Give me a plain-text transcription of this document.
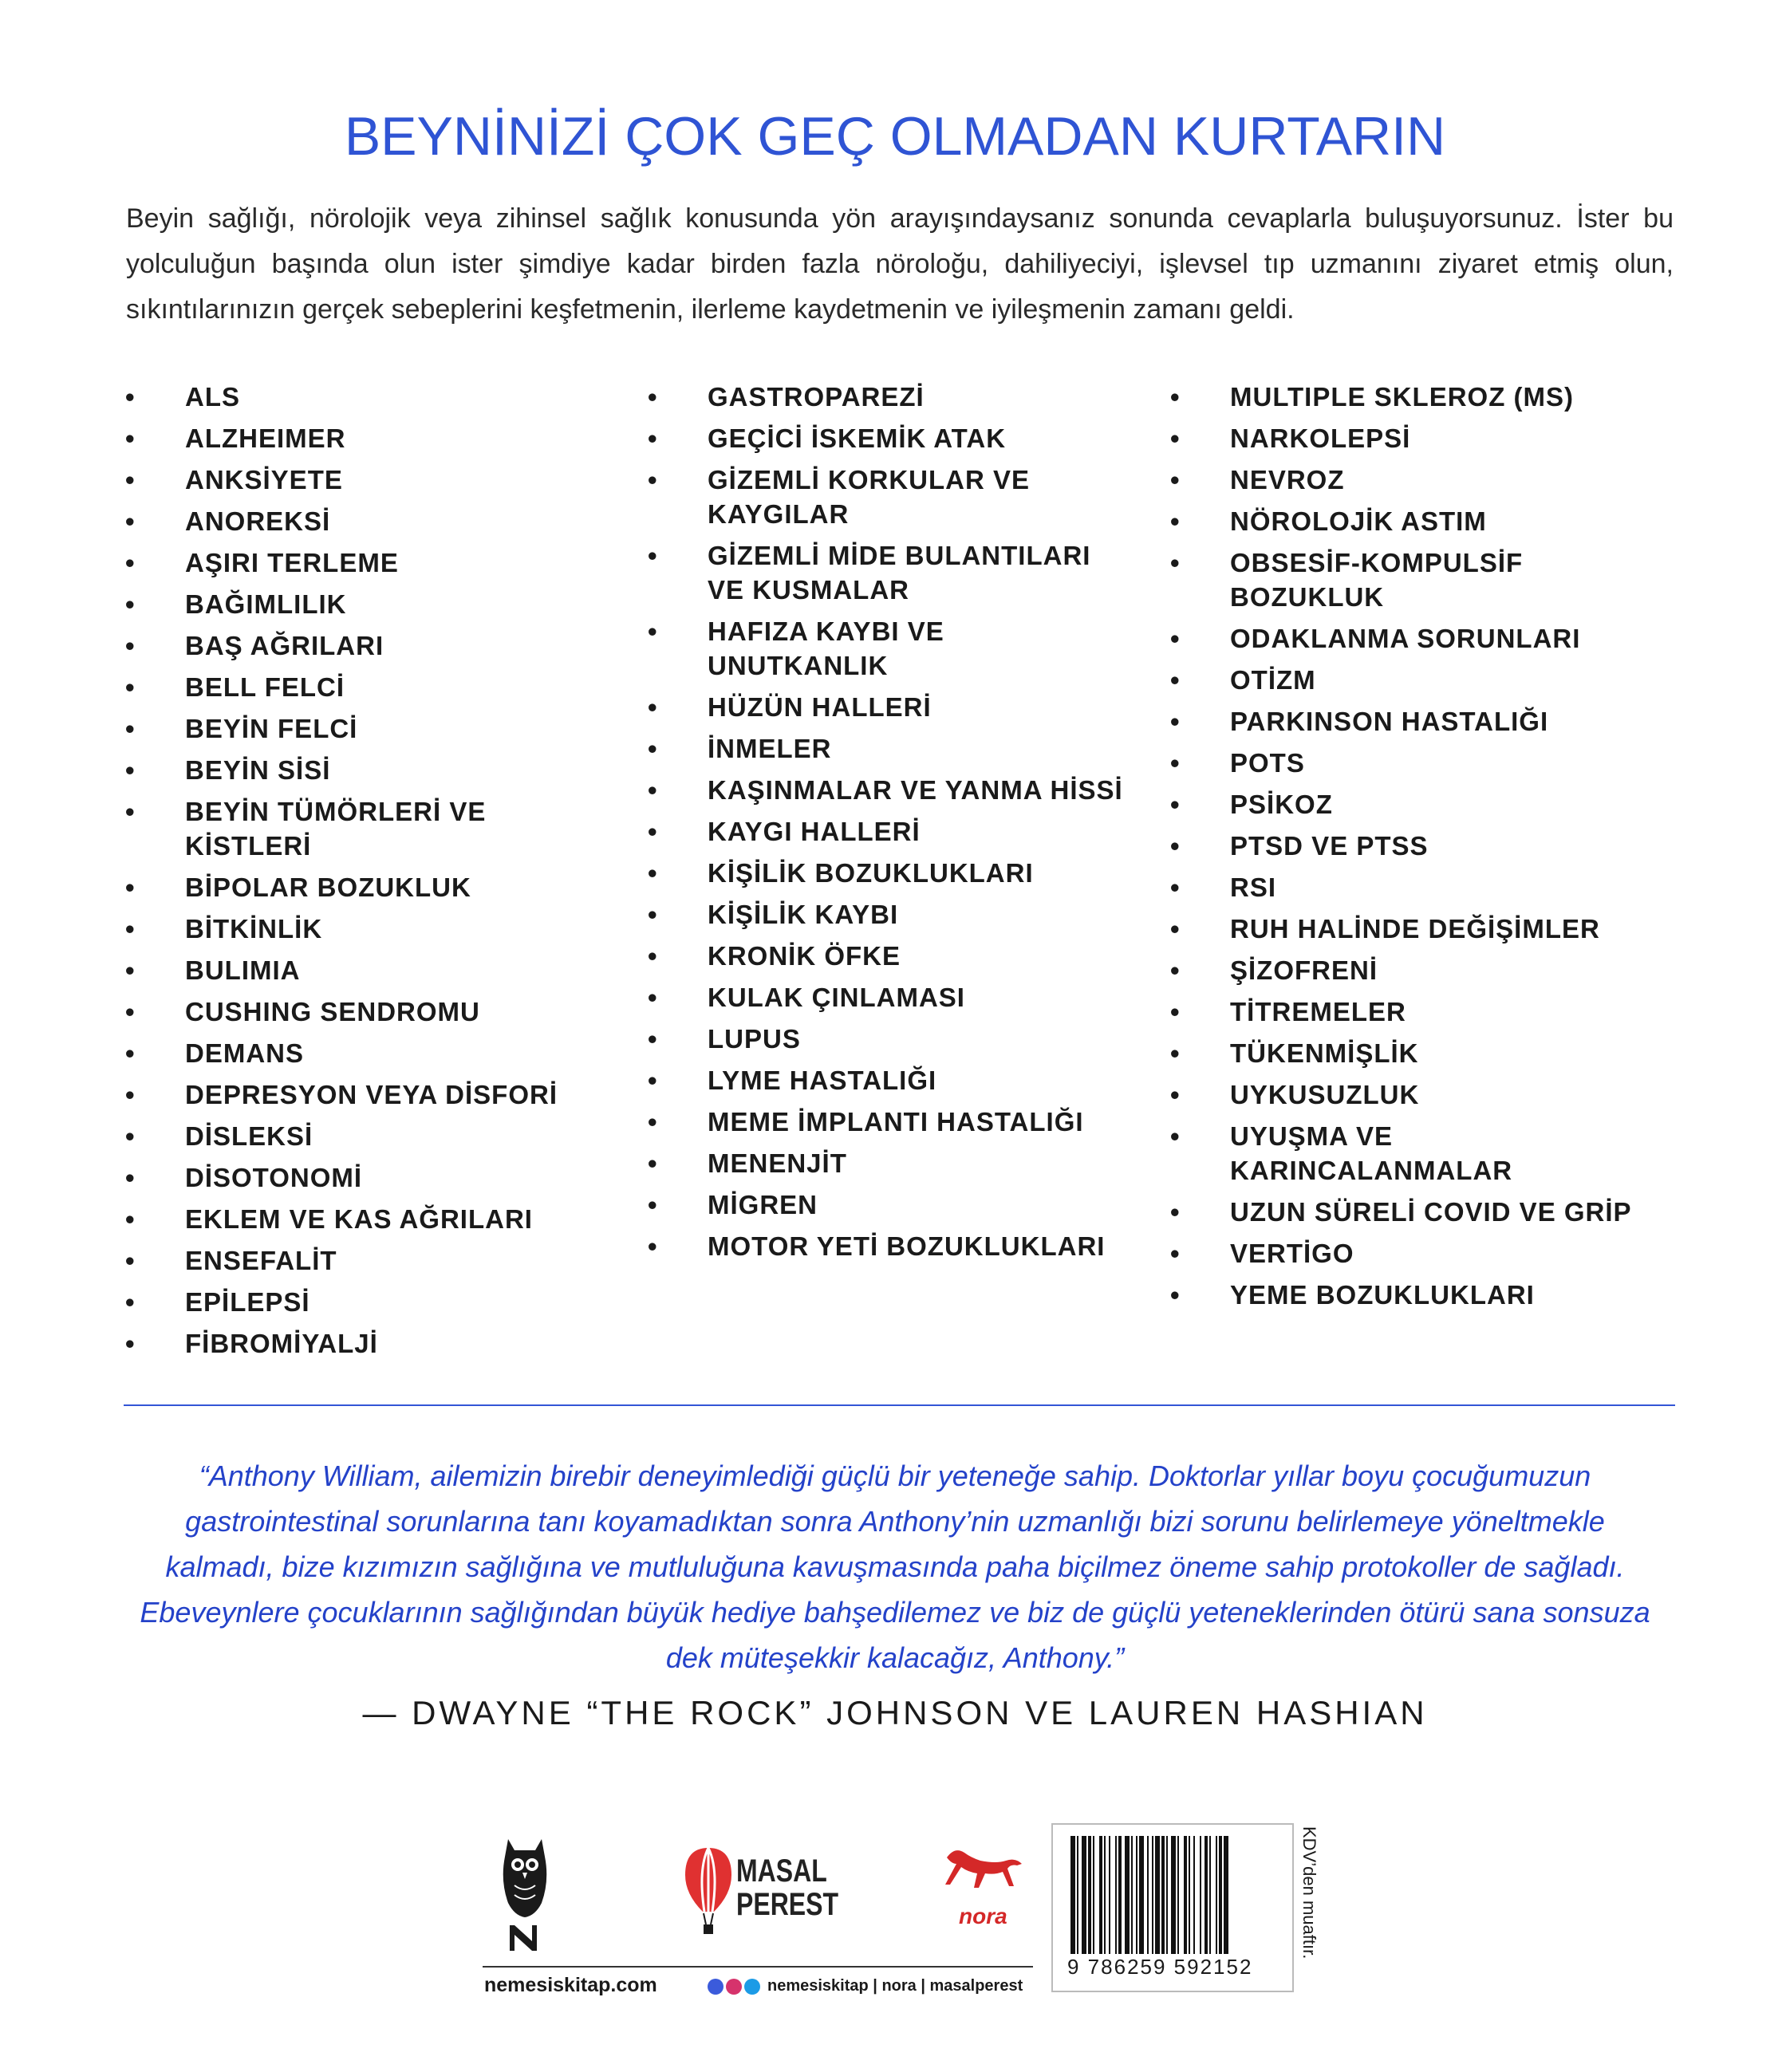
BEYNİNİZİ ÇOK GEÇ OLMADAN KURTARIN

Beyin sağlığı, nörolojik veya zihinsel sağlık konusunda yön arayışındaysanız sonunda cevaplarla buluşuyorsunuz. İster bu yolculuğun başında olun ister şimdiye kadar birden fazla nöroloğu, dahiliyeciyi, işlevsel tıp uzmanını ziyaret etmiş olun, sıkıntılarınızın gerçek sebeplerini keşfetmenin, ilerleme kaydetmenin ve iyileşmenin zamanı geldi.

• ALS
• ALZHEIMER
• ANKSİYETE
• ANOREKSİ
• AŞIRI TERLEME
• BAĞIMLILIK
• BAŞ AĞRILARI
• BELL FELCİ
• BEYİN FELCİ
• BEYİN SİSİ
• BEYİN TÜMÖRLERİ VE KİSTLERİ
• BİPOLAR BOZUKLUK
• BİTKİNLİK
• BULIMIA
• CUSHING SENDROMU
• DEMANS
• DEPRESYON VEYA DİSFORİ
• DİSLEKSİ
• DİSOTONOMİ
• EKLEM VE KAS AĞRILARI
• ENSEFALİT
• EPİLEPSİ
• FİBROMİYALJİ
• GASTROPAREZİ
• GEÇİCİ İSKEMİK ATAK
• GİZEMLİ KORKULAR VE KAYGILAR
• GİZEMLİ MİDE BULANTILARI VE KUSMALAR
• HAFIZA KAYBI VE UNUTKANLIK
• HÜZÜN HALLERİ
• İNMELER
• KAŞINMALAR VE YANMA HİSSİ
• KAYGI HALLERİ
• KİŞİLİK BOZUKLUKLARI
• KİŞİLİK KAYBI
• KRONİK ÖFKE
• KULAK ÇINLAMASI
• LUPUS
• LYME HASTALIĞI
• MEME İMPLANTI HASTALIĞI
• MENENJİT
• MİGREN
• MOTOR YETİ BOZUKLUKLARI
• MULTIPLE SKLEROZ (MS)
• NARKOLEPSİ
• NEVROZ
• NÖROLOJİK ASTIM
• OBSESİF-KOMPULSİF BOZUKLUK
• ODAKLANMA SORUNLARI
• OTİZM
• PARKINSON HASTALIĞI
• POTS
• PSİKOZ
• PTSD VE PTSS
• RSI
• RUH HALİNDE DEĞİŞİMLER
• ŞİZOFRENİ
• TİTREMELER
• TÜKENMİŞLİK
• UYKUSUZLUK
• UYUŞMA VE KARINCALANMALAR
• UZUN SÜRELİ COVID VE GRİP
• VERTİGO
• YEME BOZUKLUKLARI

“Anthony William, ailemizin birebir deneyimlediği güçlü bir yeteneğe sahip. Doktorlar yıllar boyu çocuğumuzun gastrointestinal sorunlarına tanı koyamadıktan sonra Anthony’nin uzmanlığı bizi sorunu belirlemeye yöneltmekle kalmadı, bize kızımızın sağlığına ve mutluluğuna kavuşmasında paha biçilmez öneme sahip protokoller de sağladı. Ebeveynlere çocuklarının sağlığından büyük hediye bahşedilemez ve biz de güçlü yeteneklerinden ötürü sana sonsuza dek müteşekkir kalacağız, Anthony.”

— DWAYNE “THE ROCK” JOHNSON VE LAUREN HASHIAN

MASAL
PEREST	nora
nemesiskitap.com	nemesiskitap | nora | masalperest
9 786259 592152
KDV’den muaftır.
